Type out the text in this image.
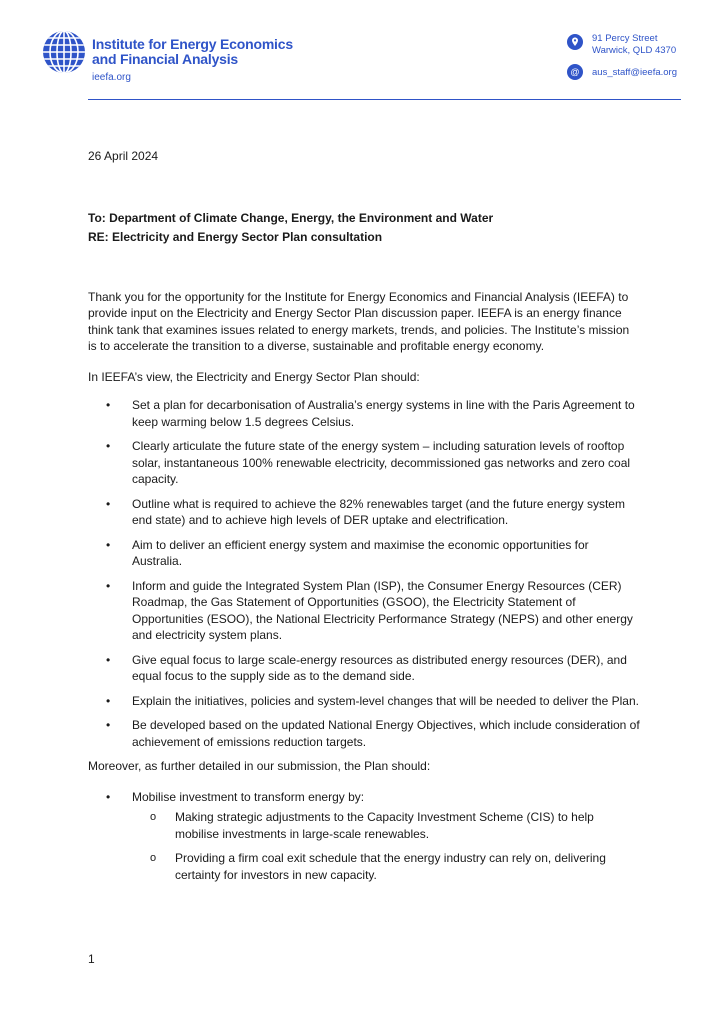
Institute for Energy Economics
and Financial Analysis
ieefa.org
91 Percy Street
Warwick, QLD 4370
@	aus_staff@ieefa.org

26 April 2024

To: Department of Climate Change, Energy, the Environment and Water
RE: Electricity and Energy Sector Plan consultation

Thank you for the opportunity for the Institute for Energy Economics and Financial Analysis (IEEFA) to provide input on the Electricity and Energy Sector Plan discussion paper. IEEFA is an energy finance think tank that examines issues related to energy markets, trends, and policies. The Institute’s mission is to accelerate the transition to a diverse, sustainable and profitable energy economy.

In IEEFA’s view, the Electricity and Energy Sector Plan should:

• Set a plan for decarbonisation of Australia’s energy systems in line with the Paris Agreement to keep warming below 1.5 degrees Celsius.
• Clearly articulate the future state of the energy system – including saturation levels of rooftop solar, instantaneous 100% renewable electricity, decommissioned gas networks and zero coal capacity.
• Outline what is required to achieve the 82% renewables target (and the future energy system end state) and to achieve high levels of DER uptake and electrification.
• Aim to deliver an efficient energy system and maximise the economic opportunities for Australia.
• Inform and guide the Integrated System Plan (ISP), the Consumer Energy Resources (CER) Roadmap, the Gas Statement of Opportunities (GSOO), the Electricity Statement of Opportunities (ESOO), the National Electricity Performance Strategy (NEPS) and other energy and electricity system plans.
• Give equal focus to large scale-energy resources as distributed energy resources (DER), and equal focus to the supply side as to the demand side.
• Explain the initiatives, policies and system-level changes that will be needed to deliver the Plan.
• Be developed based on the updated National Energy Objectives, which include consideration of achievement of emissions reduction targets.

Moreover, as further detailed in our submission, the Plan should:

• Mobilise investment to transform energy by:
o Making strategic adjustments to the Capacity Investment Scheme (CIS) to help mobilise investments in large-scale renewables.
o Providing a firm coal exit schedule that the energy industry can rely on, delivering certainty for investors in new capacity.
1
